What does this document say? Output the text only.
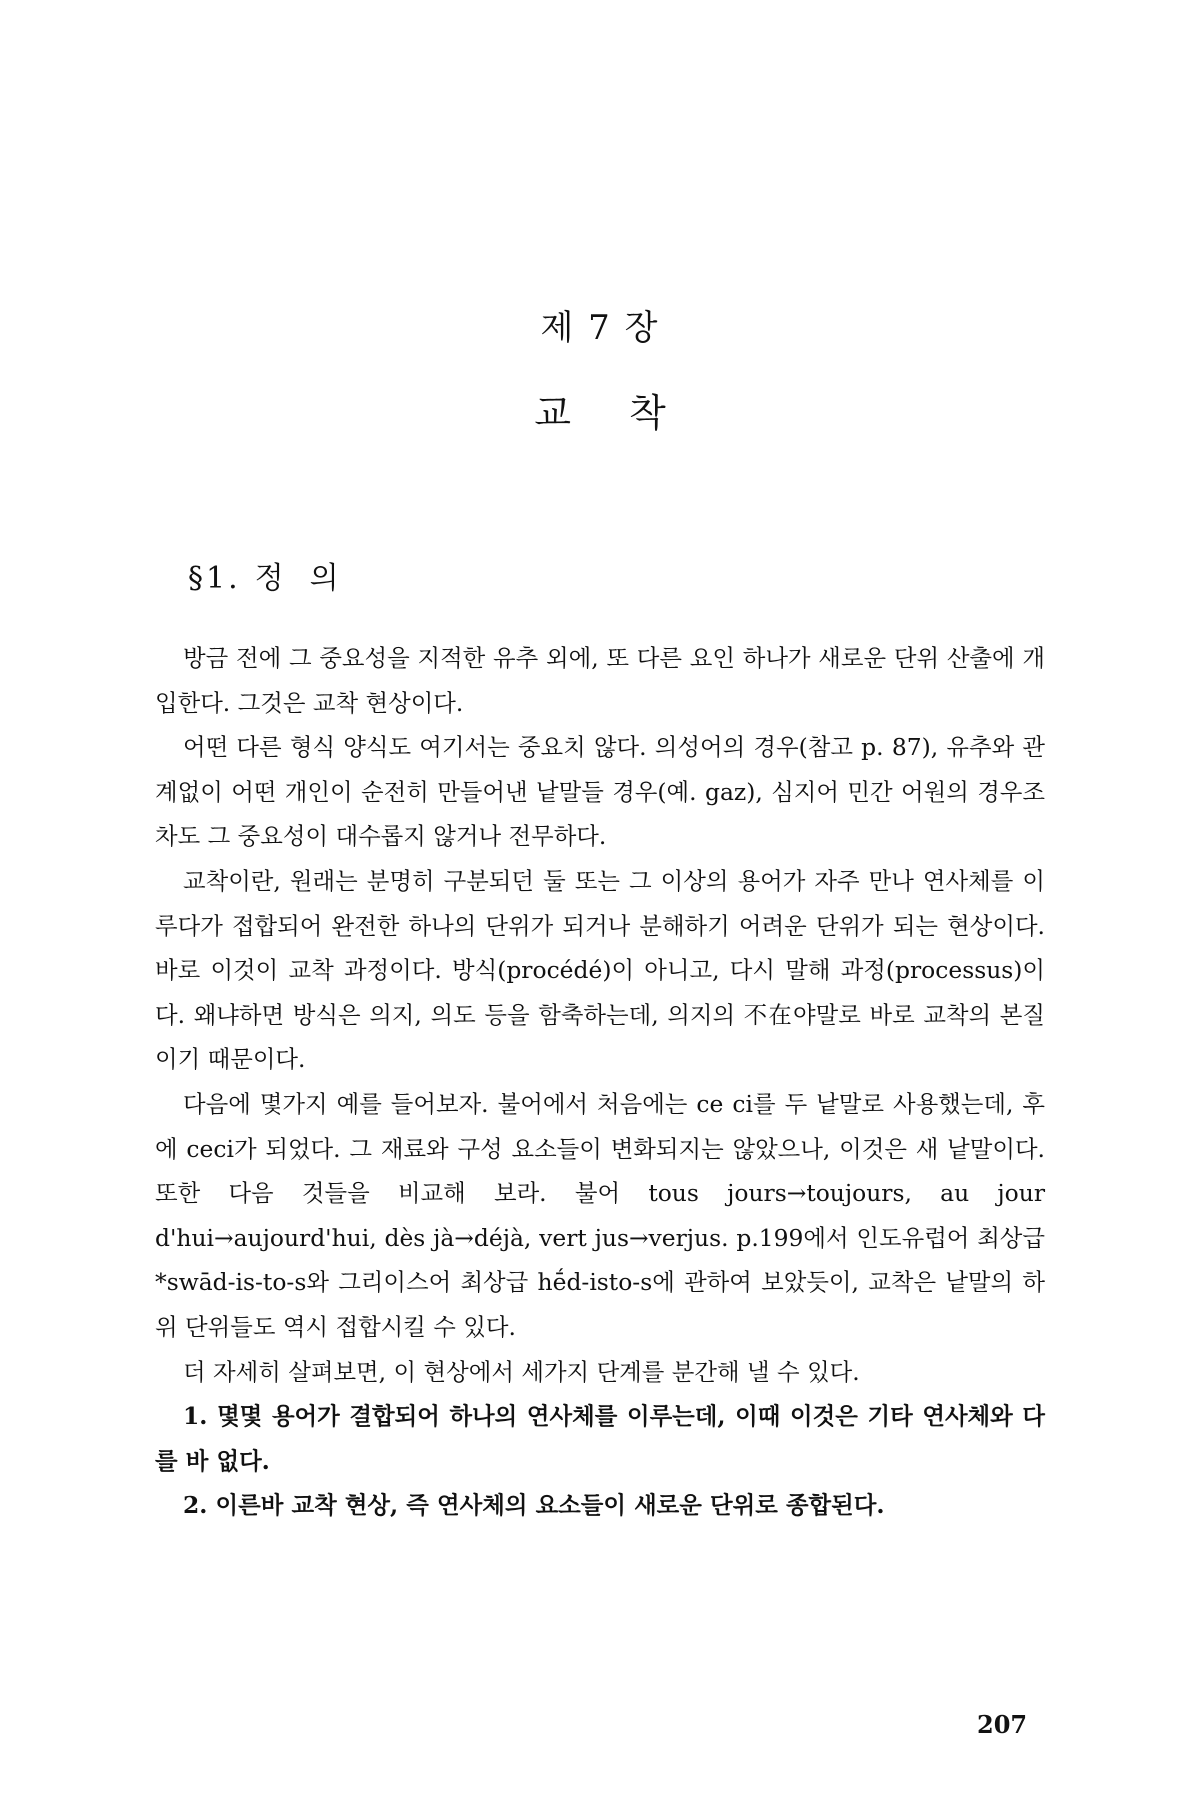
제 7 장
교착
§1. 정의

방금 전에 그 중요성을 지적한 유추 외에, 또 다른 요인 하나가 새로운 단위 산출에 개입한다. 그것은 교착 현상이다.

어떤 다른 형식 양식도 여기서는 중요치 않다. 의성어의 경우(참고 p. 87), 유추와 관계없이 어떤 개인이 순전히 만들어낸 낱말들 경우(예. gaz), 심지어 민간 어원의 경우조차도 그 중요성이 대수롭지 않거나 전무하다.

교착이란, 원래는 분명히 구분되던 둘 또는 그 이상의 용어가 자주 만나 연사체를 이루다가 접합되어 완전한 하나의 단위가 되거나 분해하기 어려운 단위가 되는 현상이다. 바로 이것이 교착 과정이다. 방식(procédé)이 아니고, 다시 말해 과정(processus)이다. 왜냐하면 방식은 의지, 의도 등을 함축하는데, 의지의 不在야말로 바로 교착의 본질이기 때문이다.

다음에 몇가지 예를 들어보자. 불어에서 처음에는 ce ci를 두 낱말로 사용했는데, 후에 ceci가 되었다. 그 재료와 구성 요소들이 변화되지는 않았으나, 이것은 새 낱말이다. 또한 다음 것들을 비교해 보라. 불어 tous jours→toujours, au jour d'hui→aujourd'hui, dès jà→déjà, vert jus→verjus. p.199에서 인도유럽어 최상급 *swād-is-to-s와 그리이스어 최상급 hḗd-isto-s에 관하여 보았듯이, 교착은 낱말의 하위 단위들도 역시 접합시킬 수 있다.

더 자세히 살펴보면, 이 현상에서 세가지 단계를 분간해 낼 수 있다.

1. 몇몇 용어가 결합되어 하나의 연사체를 이루는데, 이때 이것은 기타 연사체와 다를 바 없다.

2. 이른바 교착 현상, 즉 연사체의 요소들이 새로운 단위로 종합된다.

207
